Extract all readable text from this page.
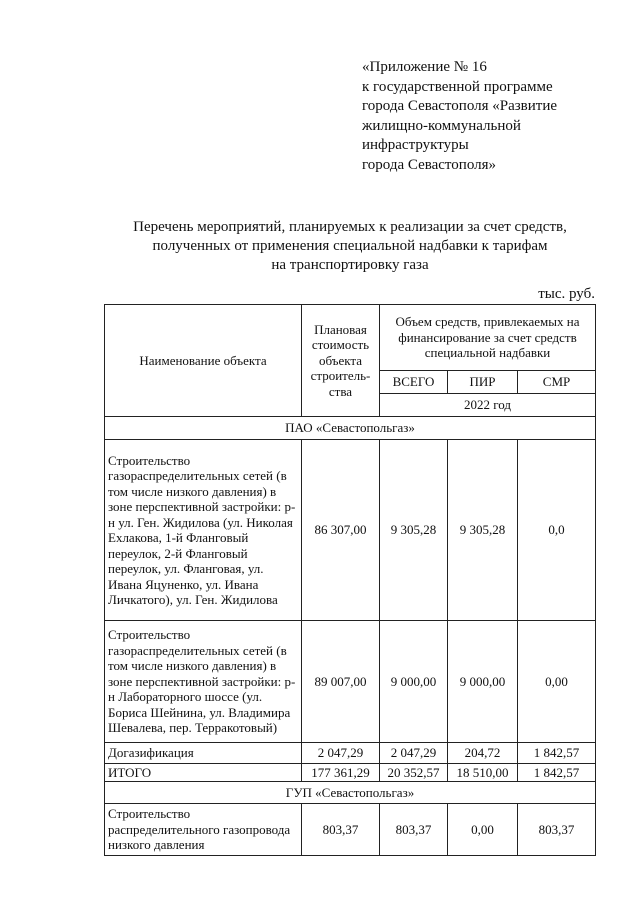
«Приложение № 16
к государственной программе
города Севастополя «Развитие
жилищно-коммунальной
инфраструктуры
города Севастополя»
Перечень мероприятий, планируемых к реализации за счет средств,
полученных от применения специальной надбавки к тарифам
на транспортировку газа
тыс. руб.
Наименование объекта	Плановая стоимость объекта строитель-ства	Объем средств, привлекаемых на финансирование за счет средств специальной надбавки		
		ВСЕГО	ПИР	СМР
		2022 год		
ПАО «Севастопольгаз»				
Строительство газораспределительных сетей (в том числе низкого давления) в зоне перспективной застройки: р-н ул. Ген. Жидилова (ул. Николая Ехлакова, 1-й Фланговый переулок, 2-й Фланговый переулок, ул. Фланговая, ул. Ивана Яцуненко, ул. Ивана Личкатого), ул. Ген. Жидилова	86 307,00	9 305,28	9 305,28	0,0
Строительство газораспределительных сетей (в том числе низкого давления) в зоне перспективной застройки: р-н Лабораторного шоссе (ул. Бориса Шейнина, ул. Владимира Шевалева, пер. Терракотовый)	89 007,00	9 000,00	9 000,00	0,00
Догазификация	2 047,29	2 047,29	204,72	1 842,57
ИТОГО	177 361,29	20 352,57	18 510,00	1 842,57
ГУП «Севастопольгаз»				
Строительство распределительного газопровода низкого давления	803,37	803,37	0,00	803,37
